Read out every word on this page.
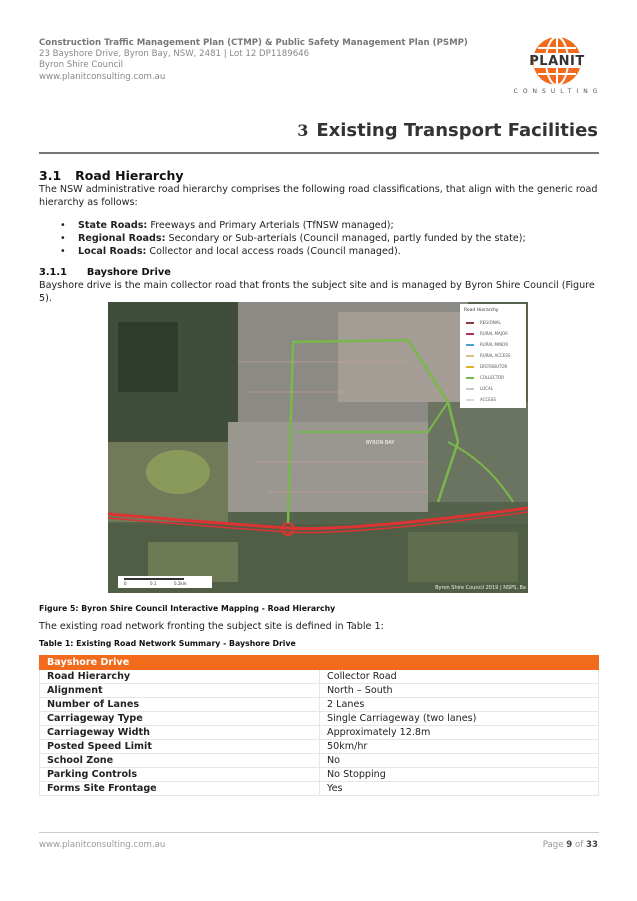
Construction Traffic Management Plan (CTMP) & Public Safety Management Plan (PSMP)
23 Bayshore Drive, Byron Bay, NSW, 2481 | Lot 12 DP1189646
Byron Shire Council
www.planitconsulting.com.au
PLANIT
CONSULTING
3 Existing Transport Facilities
3.1 Road Hierarchy
The NSW administrative road hierarchy comprises the following road classifications, that align with the generic road hierarchy as follows:
• State Roads: Freeways and Primary Arterials (TfNSW managed);
• Regional Roads: Secondary or Sub-arterials (Council managed, partly funded by the state);
• Local Roads: Collector and local access roads (Council managed).
3.1.1 Bayshore Drive
Bayshore drive is the main collector road that fronts the subject site and is managed by Byron Shire Council (Figure 5).
Road Hierarchy
REGIONAL
RURAL MAJOR
RURAL MINOR
RURAL ACCESS
DISTRIBUTOR
COLLECTOR
LOCAL
ACCESS
BYRON BAY
0	0.1	0.2km
Byron Shire Council 2019 | NSPS, Ba
Figure 5: Byron Shire Council Interactive Mapping - Road Hierarchy
The existing road network fronting the subject site is defined in Table 1:
Table 1: Existing Road Network Summary - Bayshore Drive
Bayshore Drive	
Road Hierarchy	Collector Road
Alignment	North – South
Number of Lanes	2 Lanes
Carriageway Type	Single Carriageway (two lanes)
Carriageway Width	Approximately 12.8m
Posted Speed Limit	50km/hr
School Zone	No
Parking Controls	No Stopping
Forms Site Frontage	Yes
www.planitconsulting.com.au	Page 9 of 33
